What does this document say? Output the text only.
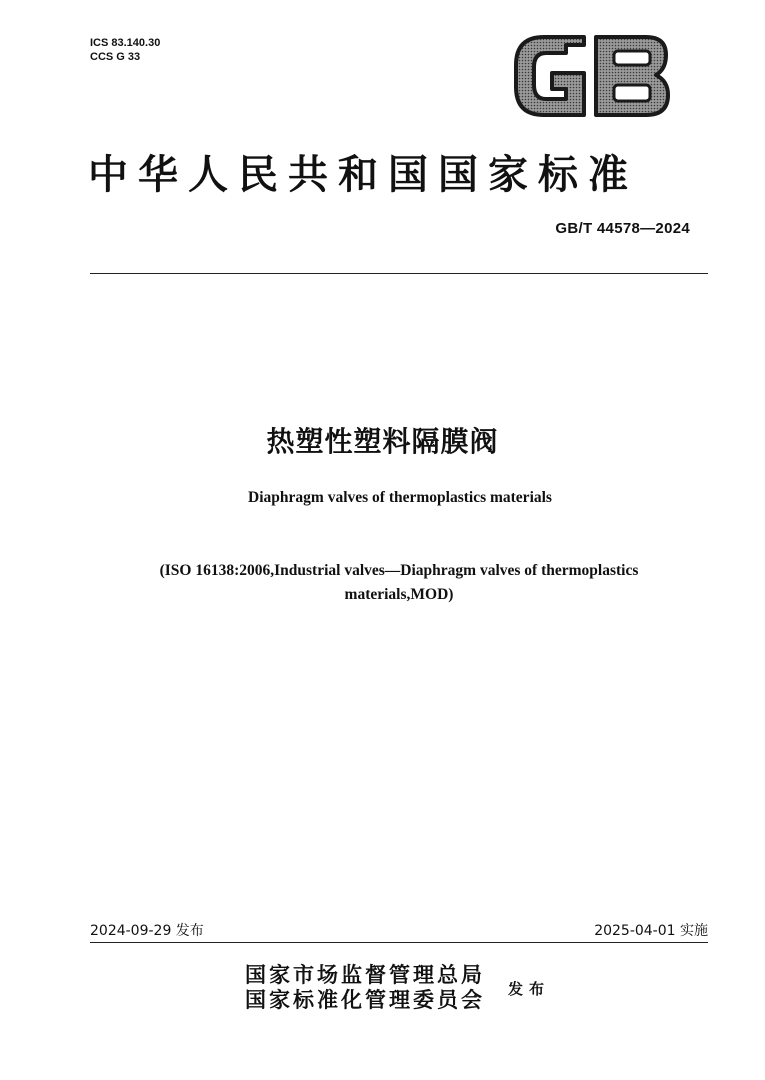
ICS 83.140.30
CCS G 33
中华人民共和国国家标准
GB/T 44578—2024
热塑性塑料隔膜阀
Diaphragm valves of thermoplastics materials
(ISO 16138:2006,Industrial valves—Diaphragm valves of thermoplastics
materials,MOD)
2024-09-29 发布	2025-04-01 实施
国家市场监督管理总局
国家标准化管理委员会 发布
